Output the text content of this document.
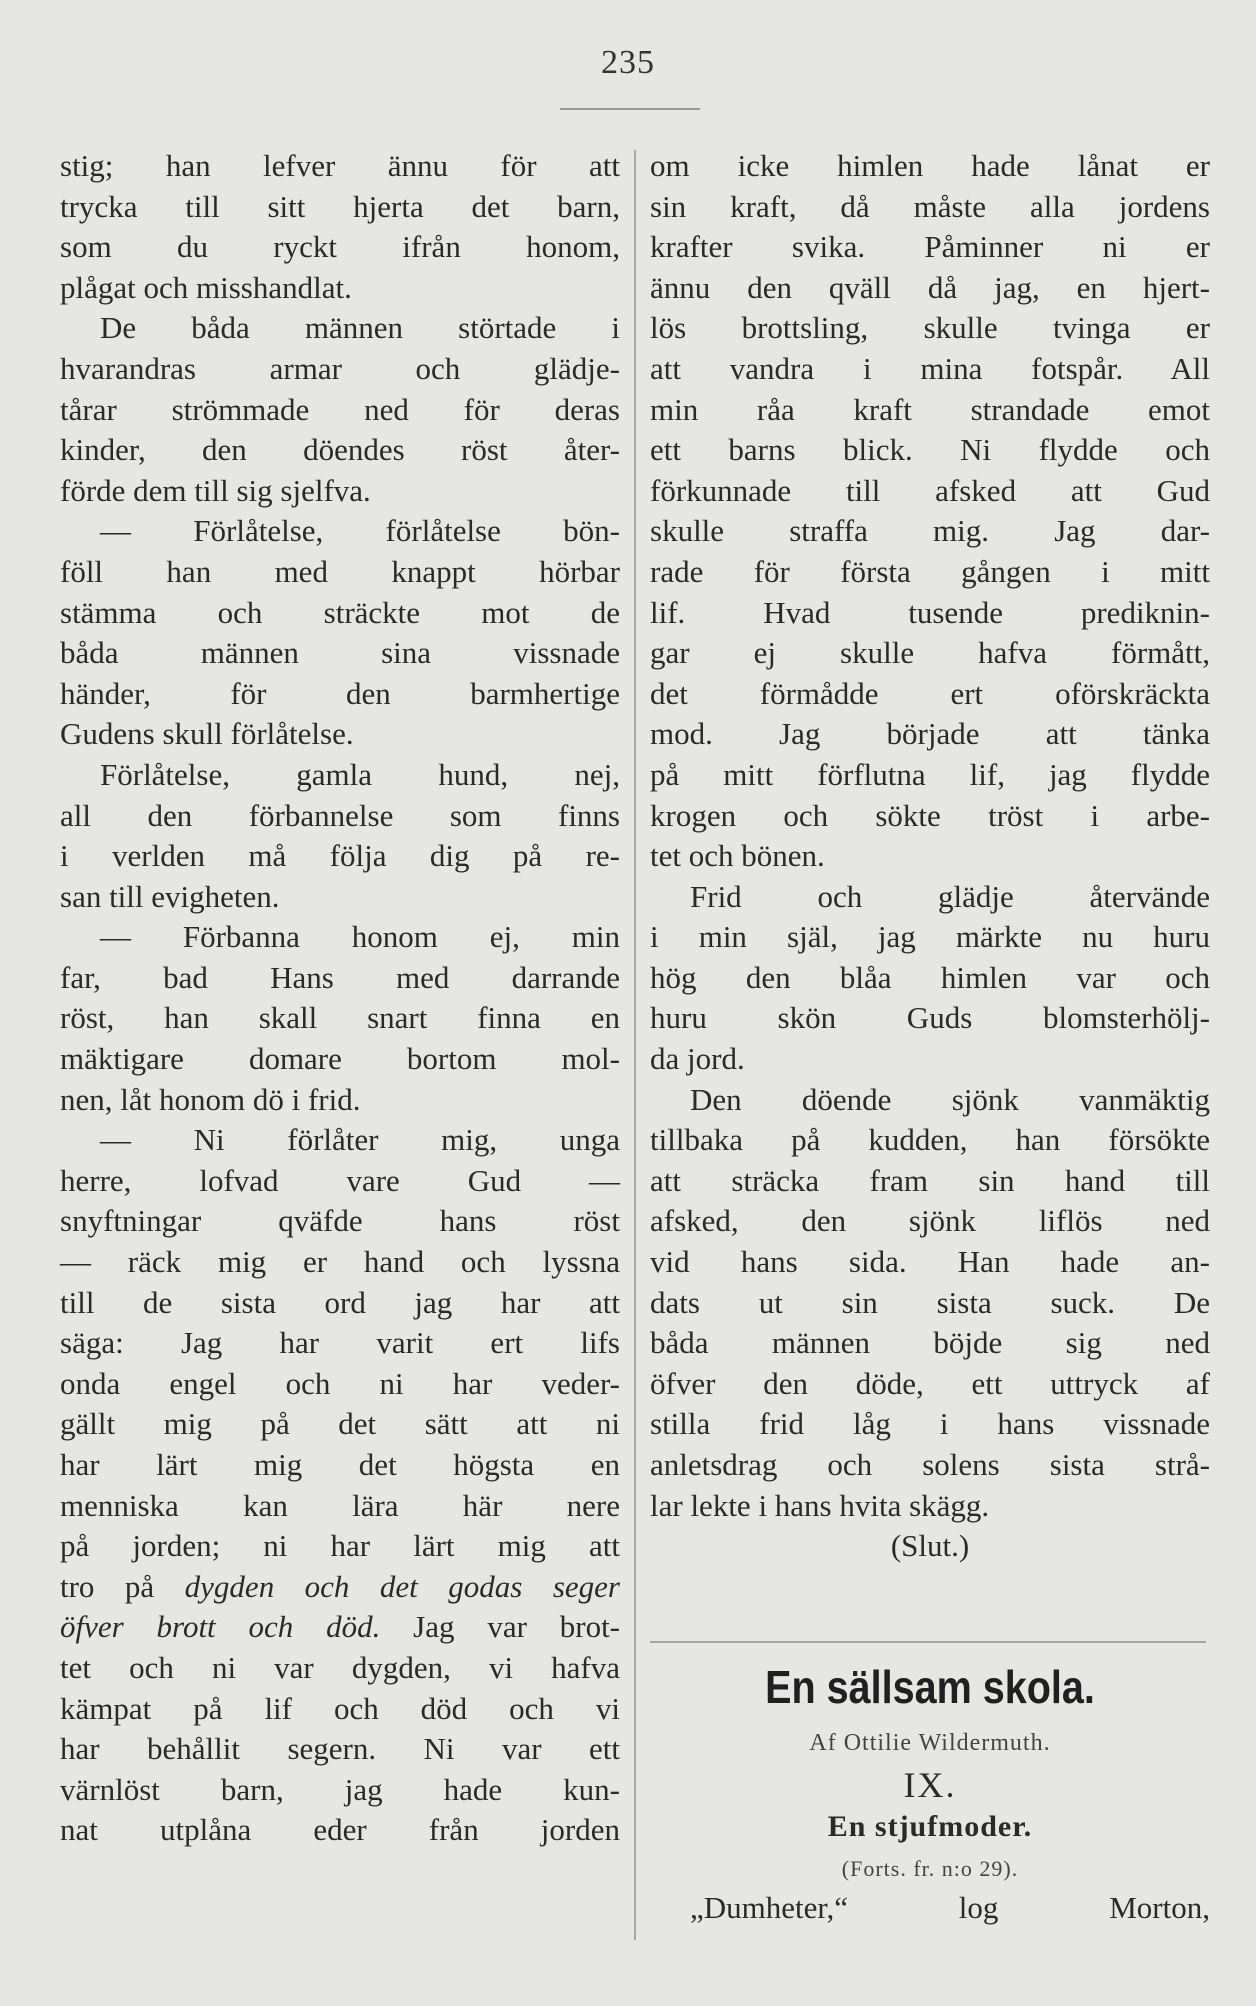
235

stig; han lefver ännu för att
trycka till sitt hjerta det barn,
som du ryckt ifrån honom,
plågat och misshandlat.

De båda männen störtade i
hvarandras armar och glädje-
tårar strömmade ned för deras
kinder, den döendes röst åter-
förde dem till sig sjelfva.

— Förlåtelse, förlåtelse bön-
föll han med knappt hörbar
stämma och sträckte mot de
båda männen sina vissnade
händer, för den barmhertige
Gudens skull förlåtelse.

Förlåtelse, gamla hund, nej,
all den förbannelse som finns
i verlden må följa dig på re-
san till evigheten.

— Förbanna honom ej, min
far, bad Hans med darrande
röst, han skall snart finna en
mäktigare domare bortom mol-
nen, låt honom dö i frid.

— Ni förlåter mig, unga
herre, lofvad vare Gud —
snyftningar qväfde hans röst
— räck mig er hand och lyssna
till de sista ord jag har att
säga: Jag har varit ert lifs
onda engel och ni har veder-
gällt mig på det sätt att ni
har lärt mig det högsta en
menniska kan lära här nere
på jorden; ni har lärt mig att

tro på dygden och det godas seger
öfver brott och död. Jag var brot-
tet och ni var dygden, vi hafva
kämpat på lif och död och vi
har behållit segern. Ni var ett
värnlöst barn, jag hade kun-
nat utplåna eder från jorden

om icke himlen hade lånat er
sin kraft, då måste alla jordens
krafter svika. Påminner ni er
ännu den qväll då jag, en hjert-
lös brottsling, skulle tvinga er
att vandra i mina fotspår. All
min råa kraft strandade emot
ett barns blick. Ni flydde och
förkunnade till afsked att Gud
skulle straffa mig. Jag dar-
rade för första gången i mitt
lif. Hvad tusende prediknin-
gar ej skulle hafva förmått,
det förmådde ert oförskräckta
mod. Jag började att tänka
på mitt förflutna lif, jag flydde
krogen och sökte tröst i arbe-
tet och bönen.

Frid och glädje återvände
i min själ, jag märkte nu huru
hög den blåa himlen var och
huru skön Guds blomsterhölj-
da jord.

Den döende sjönk vanmäktig
tillbaka på kudden, han försökte
att sträcka fram sin hand till
afsked, den sjönk liflös ned
vid hans sida. Han hade an-
dats ut sin sista suck. De
båda männen böjde sig ned
öfver den döde, ett uttryck af
stilla frid låg i hans vissnade
anletsdrag och solens sista strå-
lar lekte i hans hvita skägg.

(Slut.)

En sällsam skola.
Af Ottilie Wildermuth.
IX.
En stjufmoder.
(Forts. fr. n:o 29).
„Dumheter,“ log Morton,
